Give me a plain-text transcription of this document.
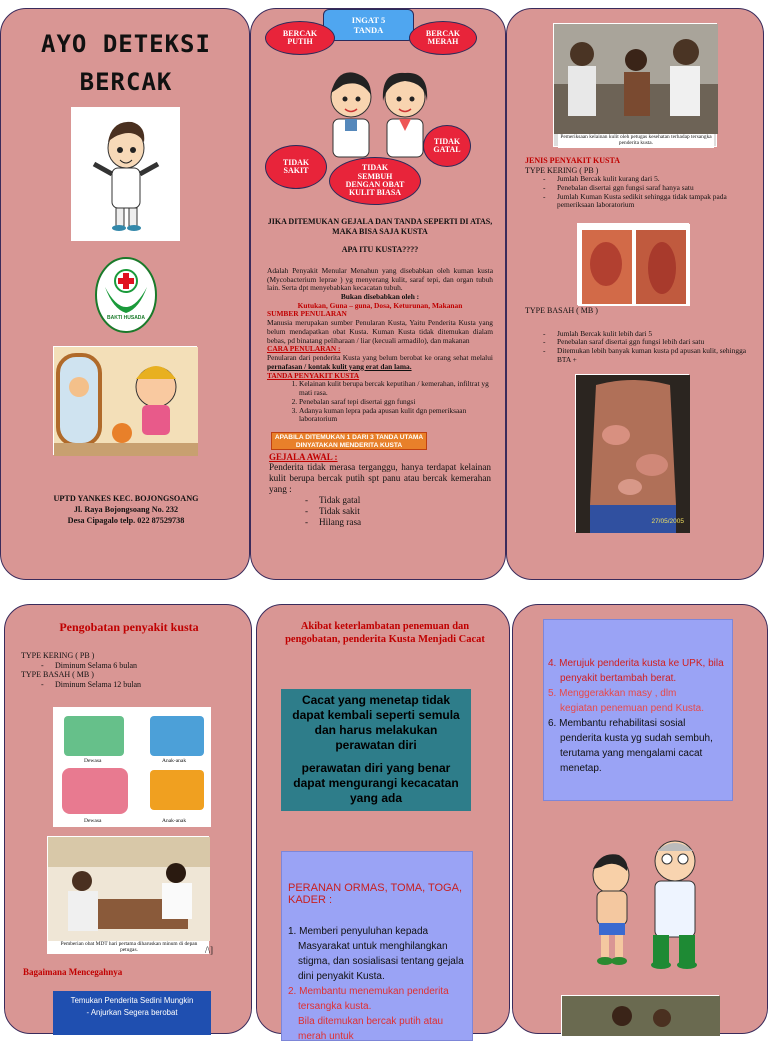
AYO DETEKSI
BERCAK
BAKTI HUSADA
UPTD YANKES KEC. BOJONGSOANG
Jl. Raya Bojongsoang No. 232
Desa Cipagalo telp. 022 87529738
INGAT 5 TANDA
BERCAK PUTIH
BERCAK MERAH
TIDAK GATAL
TIDAK SAKIT	TIDAK SEMBUH DENGAN OBAT KULIT BIASA
JIKA DITEMUKAN GEJALA DAN TANDA SEPERTI DI ATAS, MAKA BISA SAJA KUSTA
APA ITU KUSTA????
Adalah Penyakit Menular Menahun yang disebabkan oleh kuman kusta (Mycobacterium leprae ) yg menyerang kulit, saraf tepi, dan organ tubuh lain. Serta dpt menyebabkan kecacatan tubuh.
Bukan disebabkan oleh :
Kutukan, Guna – guna, Dosa, Keturunan, Makanan
SUMBER PENULARAN
Manusia merupakan sumber Penularan Kusta, Yaitu Penderita Kusta yang belum mendapatkan obat Kusta. Kuman Kusta tidak ditemukan dialam bebas, pd binatang peliharaan / liar (kecuali armadilo), dan makanan
CARA PENULARAN :
Penularan dari penderita Kusta yang belum berobat ke orang sehat melalui pernafasan / kontak kulit yang erat dan lama.
TANDA PENYAKIT KUSTA
1. Kelainan kulit berupa bercak keputihan / kemerahan, infiltrat yg mati rasa.
2. Penebalan saraf tepi disertai ggn fungsi
3. Adanya kuman lepra pada apusan kulit dgn pemeriksaan laboratorium
APABILA DITEMUKAN 1 DARI 3 TANDA UTAMA DINYATAKAN MENDERITA KUSTA
GEJALA AWAL :
Penderita tidak merasa terganggu, hanya terdapat kelainan kulit berupa bercak putih spt panu atau bercak kemerahan yang :
- Tidak gatal
- Tidak sakit
- Hilang rasa
Pemeriksaan kelainan kulit oleh petugas kesehatan terhadap tersangka penderita kusta.
JENIS PENYAKIT KUSTA
TYPE KERING ( PB )
- Jumlah Bercak kulit kurang dari 5.
- Penebalan disertai ggn fungsi saraf hanya satu
- Jumlah Kuman Kusta sedikit sehingga tidak tampak pada pemeriksaan laboratorium
TYPE BASAH ( MB )
- Jumlah Bercak kulit lebih dari 5
- Penebalan saraf disertai ggn fungsi lebih dari satu
- Ditemukan lebih banyak kuman kusta pd apusan kulit, sehingga BTA +
27/05/2005
Pengobatan penyakit kusta
TYPE KERING ( PB )
- Diminum Selama 6 bulan
TYPE BASAH ( MB )
- Diminum Selama 12 bulan
Dewasa	Anak-anak
Dewasa	Anak-anak
Pemberian obat MDT hari pertama diharuskan minum di depan petugas.	/\]
Bagaimana Mencegahnya
Temukan Penderita Sedini Mungkin
- Anjurkan Segera berobat
Akibat keterlambatan penemuan dan pengobatan, penderita Kusta Menjadi Cacat
Cacat yang menetap tidak dapat kembali seperti semula dan harus melakukan perawatan diri
perawatan diri yang benar dapat mengurangi kecacatan yang ada
PERANAN ORMAS, TOMA, TOGA, KADER :
1. Memberi penyuluhan kepada Masyarakat untuk menghilangkan stigma, dan sosialisasi tentang gejala dini penyakit Kusta.
2. Membantu menemukan penderita tersangka kusta.
Bila ditemukan bercak putih atau merah untuk
4. Merujuk penderita kusta ke UPK, bila penyakit bertambah berat.
5. Menggerakkan masy , dlm
kegiatan penemuan pend Kusta.
6. Membantu rehabilitasi sosial penderita kusta yg sudah sembuh, terutama yang mengalami cacat menetap.
